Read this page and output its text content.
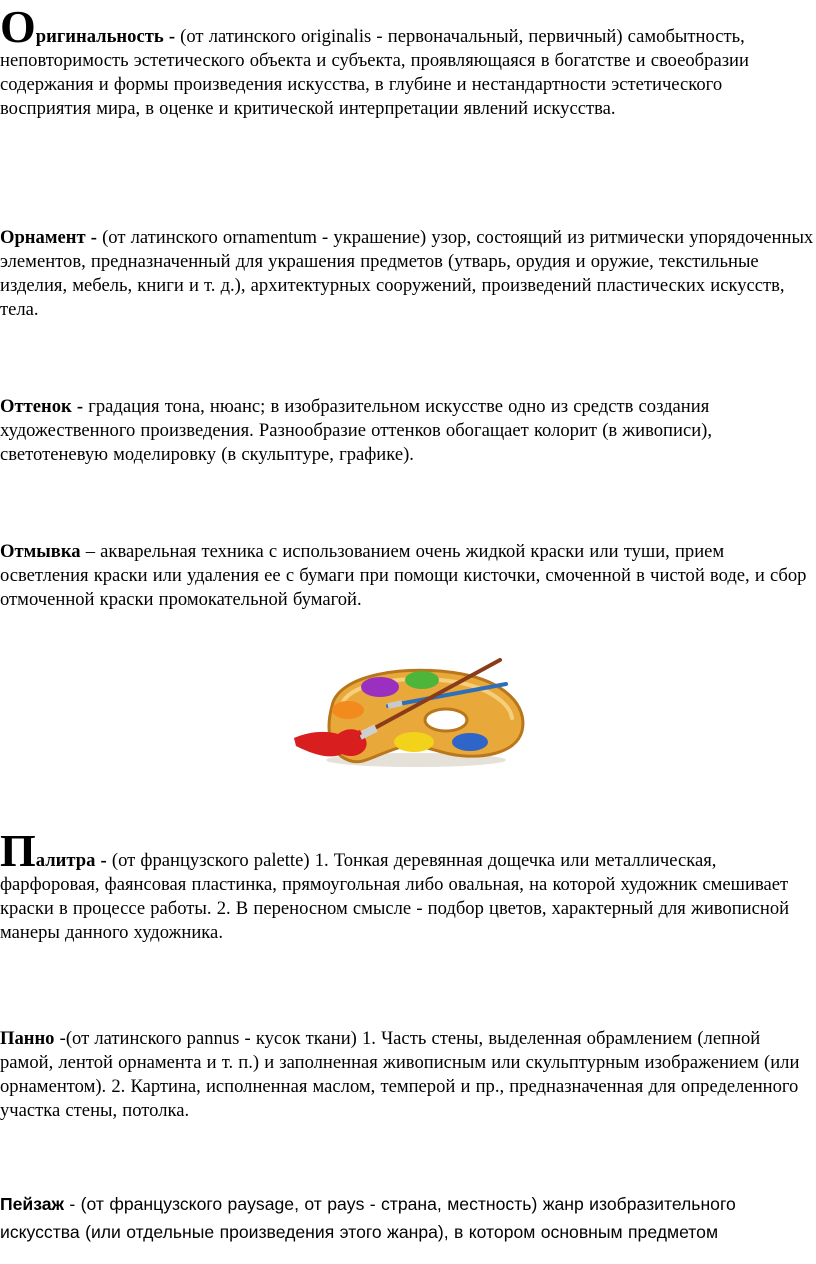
Оригинальность - (от латинского originalis - первоначальный, первичный) самобытность, неповторимость эстетического объекта и субъекта, проявляющаяся в богатстве и своеобразии содержания и формы произведения искусства, в глубине и нестандартности эстетического восприятия мира, в оценке и критической интерпретации явлений искусства.

Орнамент - (от латинского ornamentum - украшение) узор, состоящий из ритмически упорядоченных элементов, предназначенный для украшения предметов (утварь, орудия и оружие, текстильные изделия, мебель, книги и т. д.), архитектурных сооружений, произведений пластических искусств, тела.

Оттенок - градация тона, нюанс; в изобразительном искусстве одно из средств создания художественного произведения. Разнообразие оттенков обогащает колорит (в живописи), светотеневую моделировку (в скульптуре, графике).

Отмывка – акварельная техника с использованием очень жидкой краски или туши, прием осветления краски или удаления ее с бумаги при помощи кисточки, смоченной в чистой воде, и сбор отмоченной краски промокательной бумагой.

Палитра - (от французского palette) 1. Тонкая деревянная дощечка или металлическая, фарфоровая, фаянсовая пластинка, прямоугольная либо овальная, на которой художник смешивает краски в процессе работы. 2. В переносном смысле - подбор цветов, характерный для живописной манеры данного художника.

Панно -(от латинского pannus - кусок ткани) 1. Часть стены, выделенная обрамлением (лепной рамой, лентой орнамента и т. п.) и заполненная живописным или скульптурным изображением (или орнаментом). 2. Картина, исполненная маслом, темперой и пр., предназначенная для определенного участка стены, потолка.

Пейзаж - (от французского paysage, от pays - страна, местность) жанр изобразительного искусства (или отдельные произведения этого жанра), в котором основным предметом
